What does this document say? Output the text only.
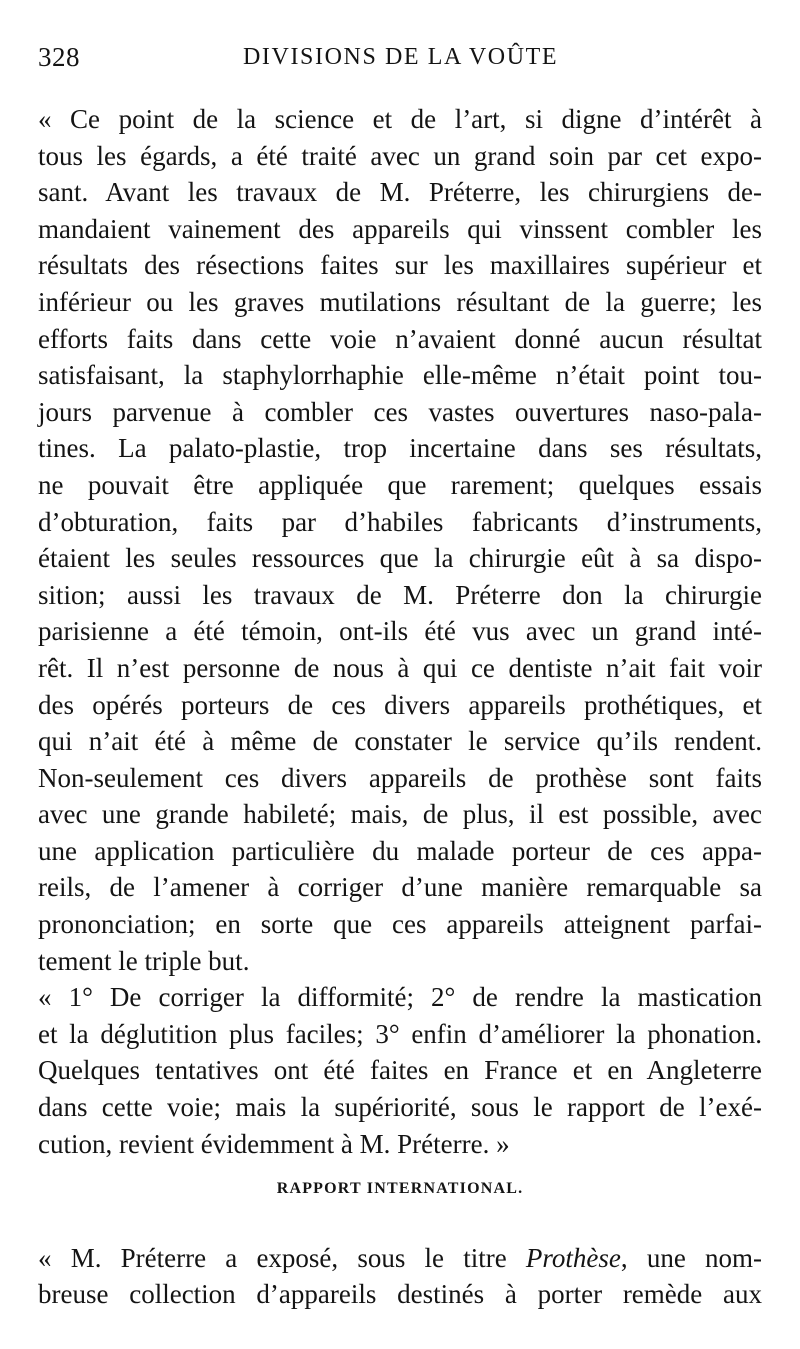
328	DIVISIONS DE LA VOÛTE
« Ce point de la science et de l’art, si digne d’intérêt à
tous les égards, a été traité avec un grand soin par cet expo-
sant. Avant les travaux de M. Préterre, les chirurgiens de-
mandaient vainement des appareils qui vinssent combler les
résultats des résections faites sur les maxillaires supérieur et
inférieur ou les graves mutilations résultant de la guerre; les
efforts faits dans cette voie n’avaient donné aucun résultat
satisfaisant, la staphylorrhaphie elle-même n’était point tou-
jours parvenue à combler ces vastes ouvertures naso-pala-
tines. La palato-plastie, trop incertaine dans ses résultats,
ne pouvait être appliquée que rarement; quelques essais
d’obturation, faits par d’habiles fabricants d’instruments,
étaient les seules ressources que la chirurgie eût à sa dispo-
sition; aussi les travaux de M. Préterre don la chirurgie
parisienne a été témoin, ont-ils été vus avec un grand inté-
rêt. Il n’est personne de nous à qui ce dentiste n’ait fait voir
des opérés porteurs de ces divers appareils prothétiques, et
qui n’ait été à même de constater le service qu’ils rendent.
Non-seulement ces divers appareils de prothèse sont faits
avec une grande habileté; mais, de plus, il est possible, avec
une application particulière du malade porteur de ces appa-
reils, de l’amener à corriger d’une manière remarquable sa
prononciation; en sorte que ces appareils atteignent parfai-
tement le triple but.
« 1° De corriger la difformité; 2° de rendre la mastication
et la déglutition plus faciles; 3° enfin d’améliorer la phonation.
Quelques tentatives ont été faites en France et en Angleterre
dans cette voie; mais la supériorité, sous le rapport de l’exé-
cution, revient évidemment à M. Préterre. »
RAPPORT INTERNATIONAL.
« M. Préterre a exposé, sous le titre Prothèse, une nom-
breuse collection d’appareils destinés à porter remède aux
